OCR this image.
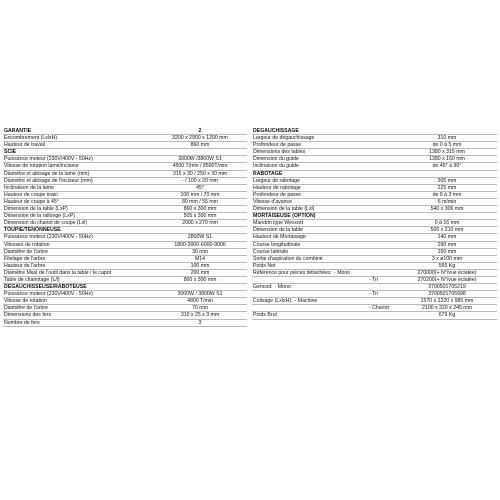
GARANTIE	2
Encombrement (LxlxH)	3200 x 2900 x 1200 mm
Hauteur de travail	860 mm
SCIE	
Puissance moteur (230V/400V - 50Hz)	3000W /3800W S1
Vitesse de rotation lame/inciseur	4500 T/min / 8500T/min
Diamètre et alésage de la lame (mm)	315 x 30 / 250 x 30 mm
Diamètre et alésage de l'inciseur (mm)	- / 100 x 20 mm
Inclinaison de la lame	45°
Hauteur de coupe maxi	100 mm / 70 mm
Hauteur de coupe à 45°	80 mm / 55 mm
Dimension de la table (LxP)	860 x 300 mm
Dimension de la rallonge (LxP)	505 x 300 mm
Dimension du chariot de coupe (Lxl)	2000 x 270 mm
TOUPIE/TENONNEUSE	
Puissance moteur (230V/400V - 50Hz)	2800W S1
Vitesses de rotation	1800-3000-6000-9000
Diamètre de l'arbre	30 mm
Filetage de l'arbre	M14
Hauteur de l'arbre	100 mm
Diamètre Maxi de l'outil dans la table / le capot	200 mm
Table de chariotage (L/l)	860 x 300 mm
DÉGAUCHISSEUSE/RABOTEUSE	
Puissance moteur (230V/400V - 50Hz)	3000W / 3800W S1
Vitesse de rotation	4800 T/min
Diamètre de l'arbre	70 mm
Dimensions des fers	310 x 25 x 3 mm
Nombre de fers	3
DÉGAUCHISSAGE	
Largeur de dégauchissage	310 mm
Profondeur de passe	de 0 à 5 mm
Dimensions des tables	1380 x 315 mm
Dimension du guide	1380 x 150 mm
Inclinaison du guide	de 45° à 90°
RABOTAGE	
Largeur de rabotage	305 mm
Hauteur de rabotage	225 mm
Profondeur de passe	de 0 à 3 mm
Vitesse d'avance	6 m/min
Dimension de la table (Lxl)	540 x 306 mm
MORTAISEUSE (OPTION)	
Mandrin type Wescott	0 à 16 mm
Dimension de la table	500 x 210 mm
Hauteur de Mortaisage	140 mm
Course longitudinale	290 mm
Course latérale	150 mm
Sortie d'aspiration du combiné	3 x ø100 mm
Poids Net	565 Kg
Référence pour pièces détachées: - Mono	270000(+ N°/vue éclatée)
- Tri	270200(+ N°/vue éclatée)
Gencod: - Mono	3700501705219
- Tri	3700501705998
Colisage (LxlxH): - Machine	1570 x 1220 x 985 mm
- Chariot	2100 x 320 x 245 mm
Poids Brut	679 Kg
